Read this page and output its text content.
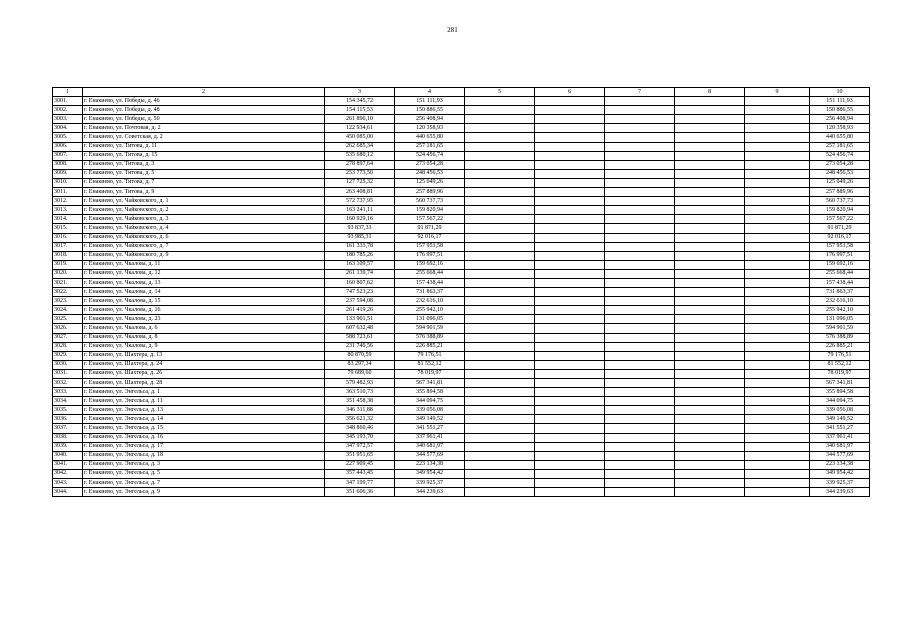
281
1	2	3	4	5	6	7	8	9	10
3001.	г. Енакиево, ул. Победы, д. 46	154 345,72	151 111,93						151 111,93
3002.	г. Енакиево, ул. Победы, д. 48	154 115,53	150 886,55						150 886,55
3003.	г. Енакиево, ул. Победы, д. 50	261 896,10	256 408,94						256 408,94
3004.	г. Енакиево, ул. Почтовая, д. 2	122 934,61	120 358,93						120 358,93
3005.	г. Енакиево, ул. Советская, д. 2	450 085,00	440 655,80						440 655,80
3006.	г. Енакиево, ул. Титова, д. 11	262 685,34	257 181,65						257 181,65
3007.	г. Енакиево, ул. Титова, д. 15	535 680,12	524 456,74						524 456,74
3008.	г. Енакиево, ул. Титова, д. 3	278 897,64	273 054,28						273 054,28
3009.	г. Енакиево, ул. Титова, д. 5	253 773,50	248 456,53						248 456,53
3010.	г. Енакиево, ул. Титова, д. 7	127 725,32	125 049,26						125 049,26
3011.	г. Енакиево, ул. Титова, д. 9	263 408,81	257 889,96						257 889,96
3012.	г. Енакиево, ул. Чайковского, д. 1	572 737,95	560 737,73						560 737,73
3013.	г. Енакиево, ул. Чайковского, д. 2	163 241,11	159 820,94						159 820,94
3014.	г. Енакиево, ул. Чайковского, д. 3	160 929,16	157 567,22						157 567,22
3015.	г. Енакиево, ул. Чайковского, д. 4	93 837,33	91 871,29						91 871,29
3016.	г. Енакиево, ул. Чайковского, д. 6	93 985,31	92 016,17						92 016,17
3017.	г. Енакиево, ул. Чайковского, д. 7	161 333,78	157 953,58						157 953,58
3018.	г. Енакиево, ул. Чайковского, д. 9	180 785,26	176 997,51						176 997,51
3019.	г. Енакиево, ул. Чкалова, д. 11	163 109,57	159 692,16						159 692,16
3020.	г. Енакиево, ул. Чкалова, д. 12	261 139,74	255 668,44						255 668,44
3021.	г. Енакиево, ул. Чкалова, д. 13	160 807,62	157 438,44						157 438,44
3022.	г. Енакиево, ул. Чкалова, д. 14	747 523,23	731 863,37						731 863,37
3023.	г. Енакиево, ул. Чкалова, д. 15	237 594,08	232 616,10						232 616,10
3024.	г. Енакиево, ул. Чкалова, д. 16	261 419,26	255 942,10						255 942,10
3025.	г. Енакиево, ул. Чкалова, д. 23	133 901,51	131 096,05						131 096,05
3026.	г. Енакиево, ул. Чкалова, д. 6	607 632,48	594 901,59						594 901,59
3027.	г. Енакиево, ул. Чкалова, д. 8	588 723,61	576 388,89						576 388,89
3028.	г. Енакиево, ул. Чкалова, д. 9	231 740,56	226 885,21						226 885,21
3029.	г. Енакиево, ул. Шахтера, д. 13	80 870,59	79 176,51						79 176,51
3030.	г. Енакиево, ул. Шахтера, д. 24	83 297,34	81 552,12						81 552,12
3031.	г. Енакиево, ул. Шахтера, д. 26	79 689,60	78 019,97						78 019,97
3032.	г. Енакиево, ул. Шахтера, д. 28	579 482,93	567 341,81						567 341,81
3033.	г. Енакиево, ул. Энгельса, д. 1	363 510,73	355 894,58						355 894,58
3034.	г. Енакиево, ул. Энгельса, д. 11	351 458,38	344 094,75						344 094,75
3035.	г. Енакиево, ул. Энгельса, д. 13	346 311,88	339 056,08						339 056,08
3036.	г. Енакиево, ул. Энгельса, д. 14	356 621,32	349 149,52						349 149,52
3037.	г. Енакиево, ул. Энгельса, д. 15	348 860,46	341 551,27						341 551,27
3038.	г. Енакиево, ул. Энгельса, д. 16	345 193,70	337 961,41						337 961,41
3039.	г. Енакиево, ул. Энгельса, д. 17	347 972,57	340 681,97						340 681,97
3040.	г. Енакиево, ул. Энгельса, д. 18	351 951,65	344 577,69						344 577,69
3041.	г. Енакиево, ул. Энгельса, д. 3	227 909,45	223 134,38						223 134,38
3042.	г. Енакиево, ул. Энгельса, д. 5	357 443,45	349 954,42						349 954,42
3043.	г. Енакиево, ул. Энгельса, д. 7	347 199,77	339 925,37						339 925,37
3044.	г. Енакиево, ул. Энгельса, д. 9	351 606,36	344 239,63						344 239,63
